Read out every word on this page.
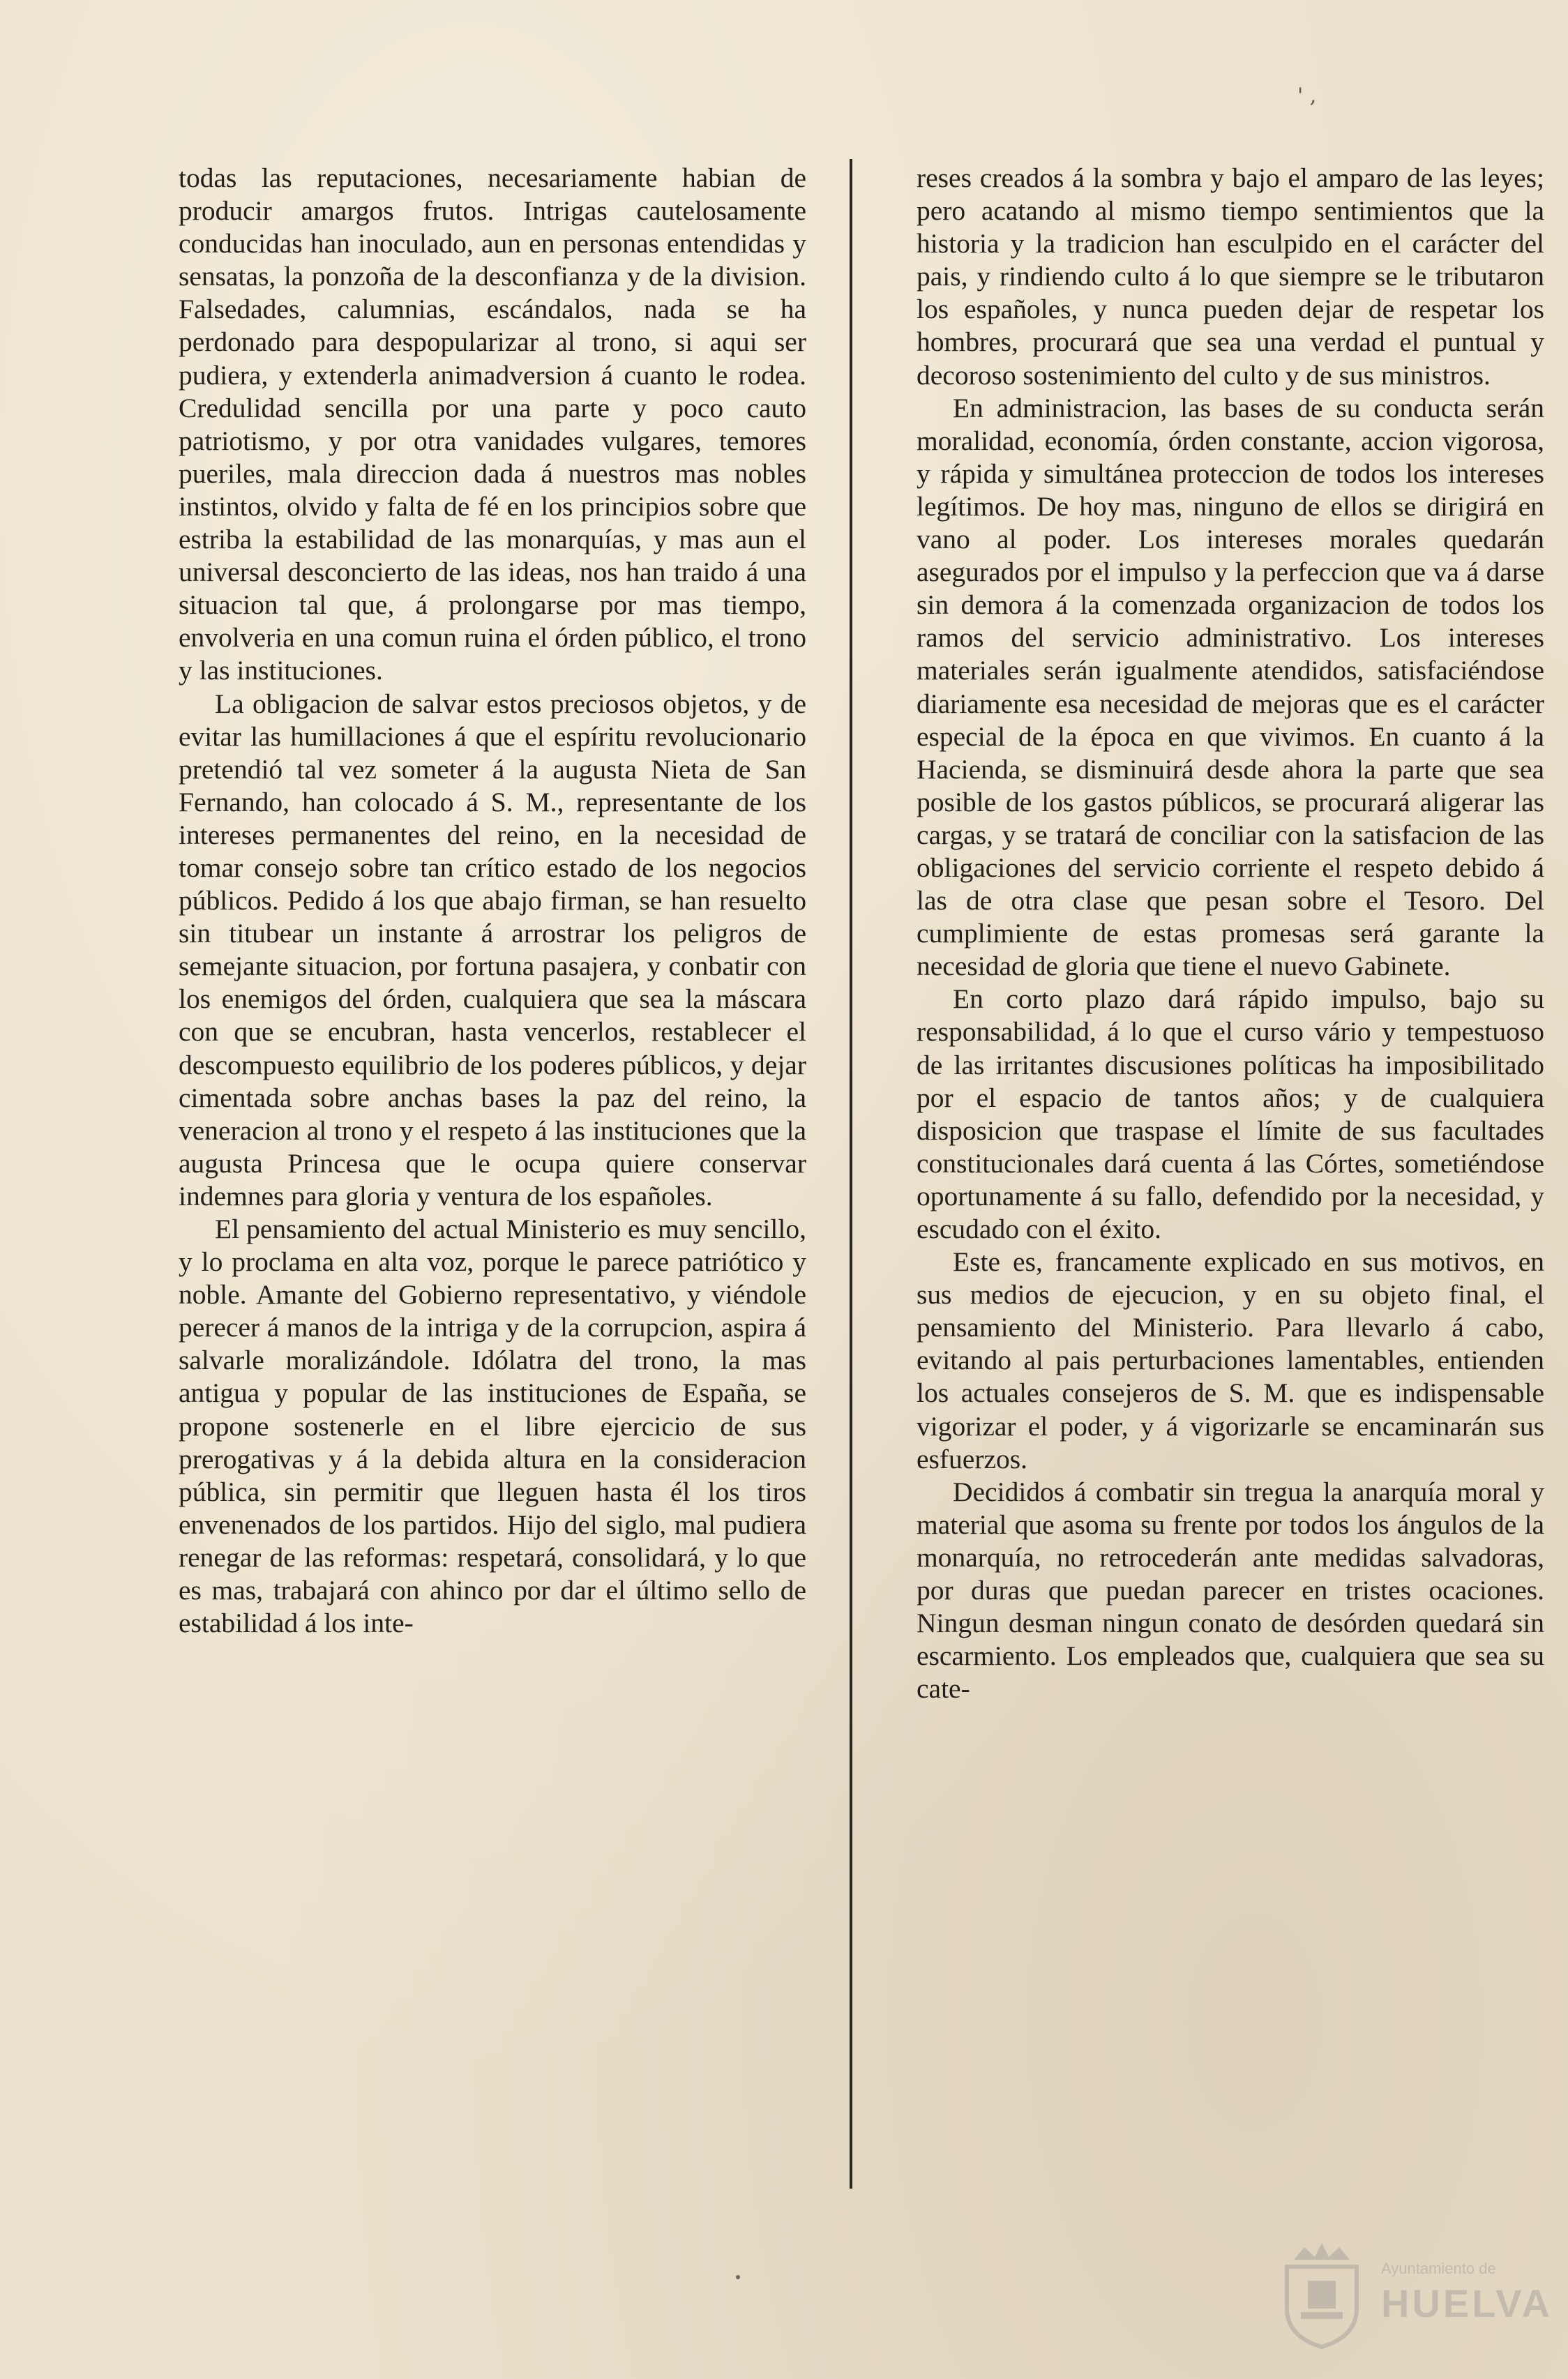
' ,

todas las reputaciones, necesariamente habian de producir amargos frutos. Intrigas cautelosamente conducidas han inoculado, aun en personas entendidas y sensatas, la ponzoña de la desconfianza y de la division. Falsedades, calumnias, escándalos, nada se ha perdonado para despopularizar al trono, si aqui ser pudiera, y extenderla animadversion á cuanto le rodea. Credulidad sencilla por una parte y poco cauto patriotismo, y por otra vanidades vulgares, temores pueriles, mala direccion dada á nuestros mas nobles instintos, olvido y falta de fé en los principios sobre que estriba la estabilidad de las monarquías, y mas aun el universal desconcierto de las ideas, nos han traido á una situacion tal que, á prolongarse por mas tiempo, envolveria en una comun ruina el órden público, el trono y las instituciones.

La obligacion de salvar estos preciosos objetos, y de evitar las humillaciones á que el espíritu revolucionario pretendió tal vez someter á la augusta Nieta de San Fernando, han colocado á S. M., representante de los intereses permanentes del reino, en la necesidad de tomar consejo sobre tan crítico estado de los negocios públicos. Pedido á los que abajo firman, se han resuelto sin titubear un instante á arrostrar los peligros de semejante situacion, por fortuna pasajera, y conbatir con los enemigos del órden, cualquiera que sea la máscara con que se encubran, hasta vencerlos, restablecer el descompuesto equilibrio de los poderes públicos, y dejar cimentada sobre anchas bases la paz del reino, la veneracion al trono y el respeto á las instituciones que la augusta Princesa que le ocupa quiere conservar indemnes para gloria y ventura de los españoles.

El pensamiento del actual Ministerio es muy sencillo, y lo proclama en alta voz, porque le parece patriótico y noble. Amante del Gobierno representativo, y viéndole perecer á manos de la intriga y de la corrupcion, aspira á salvarle moralizándole. Idólatra del trono, la mas antigua y popular de las instituciones de España, se propone sostenerle en el libre ejercicio de sus prerogativas y á la debida altura en la consideracion pública, sin permitir que lleguen hasta él los tiros envenenados de los partidos. Hijo del siglo, mal pudiera renegar de las reformas: respetará, consolidará, y lo que es mas, trabajará con ahinco por dar el último sello de estabilidad á los inte-

reses creados á la sombra y bajo el amparo de las leyes; pero acatando al mismo tiempo sentimientos que la historia y la tradicion han esculpido en el carácter del pais, y rindiendo culto á lo que siempre se le tributaron los españoles, y nunca pueden dejar de respetar los hombres, procurará que sea una verdad el puntual y decoroso sostenimiento del culto y de sus ministros.

En administracion, las bases de su conducta serán moralidad, economía, órden constante, accion vigorosa, y rápida y simultánea proteccion de todos los intereses legítimos. De hoy mas, ninguno de ellos se dirigirá en vano al poder. Los intereses morales quedarán asegurados por el impulso y la perfeccion que va á darse sin demora á la comenzada organizacion de todos los ramos del servicio administrativo. Los intereses materiales serán igualmente atendidos, satisfaciéndose diariamente esa necesidad de mejoras que es el carácter especial de la época en que vivimos. En cuanto á la Hacienda, se disminuirá desde ahora la parte que sea posible de los gastos públicos, se procurará aligerar las cargas, y se tratará de conciliar con la satisfacion de las obligaciones del servicio corriente el respeto debido á las de otra clase que pesan sobre el Tesoro. Del cumplimiente de estas promesas será garante la necesidad de gloria que tiene el nuevo Gabinete.

En corto plazo dará rápido impulso, bajo su responsabilidad, á lo que el curso vário y tempestuoso de las irritantes discusiones políticas ha imposibilitado por el espacio de tantos años; y de cualquiera disposicion que traspase el límite de sus facultades constitucionales dará cuenta á las Córtes, sometiéndose oportunamente á su fallo, defendido por la necesidad, y escudado con el éxito.

Este es, francamente explicado en sus motivos, en sus medios de ejecucion, y en su objeto final, el pensamiento del Ministerio. Para llevarlo á cabo, evitando al pais perturbaciones lamentables, entienden los actuales consejeros de S. M. que es indispensable vigorizar el poder, y á vigorizarle se encaminarán sus esfuerzos.

Decididos á combatir sin tregua la anarquía moral y material que asoma su frente por todos los ángulos de la monarquía, no retrocederán ante medidas salvadoras, por duras que puedan parecer en tristes ocaciones. Ningun desman ningun conato de desórden quedará sin escarmiento. Los empleados que, cualquiera que sea su cate-

Ayuntamiento de
HUELVA
